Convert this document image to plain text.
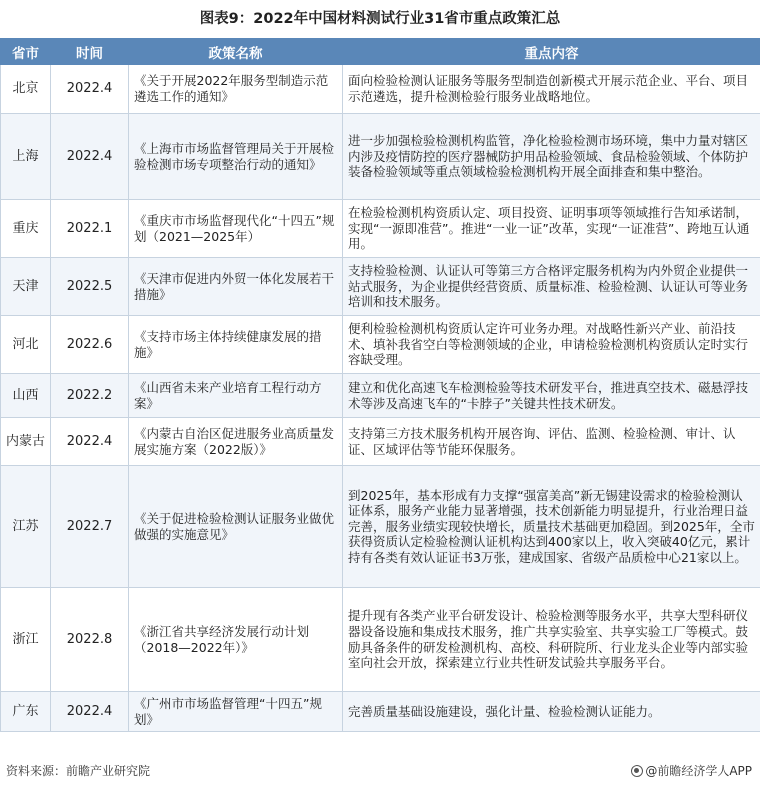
图表9：2022年中国材料测试行业31省市重点政策汇总
省市	时间	政策名称	重点内容
北京	2022.4	《关于开展2022年服务型制造示范遴选工作的通知》	面向检验检测认证服务等服务型制造创新模式开展示范企业、平台、项目示范遴选，提升检测检验行服务业战略地位。
上海	2022.4	《上海市市场监督管理局关于开展检验检测市场专项整治行动的通知》	进一步加强检验检测机构监管，净化检验检测市场环境，集中力量对辖区内涉及疫情防控的医疗器械防护用品检验领域、食品检验领域、个体防护装备检验领域等重点领域检验检测机构开展全面排查和集中整治。
重庆	2022.1	《重庆市市场监督现代化“十四五”规划（2021—2025年）	在检验检测机构资质认定、项目投资、证明事项等领域推行告知承诺制，实现“一源即准营”。推进“一业一证”改革，实现“一证准营”、跨地互认通用。
天津	2022.5	《天津市促进内外贸一体化发展若干措施》	支持检验检测、认证认可等第三方合格评定服务机构为内外贸企业提供一站式服务，为企业提供经营资质、质量标准、检验检测、认证认可等业务培训和技术服务。
河北	2022.6	《支持市场主体持续健康发展的措施》	便利检验检测机构资质认定许可业务办理。对战略性新兴产业、前沿技术、填补我省空白等检测领域的企业，申请检验检测机构资质认定时实行容缺受理。
山西	2022.2	《山西省未来产业培育工程行动方案》	建立和优化高速飞车检测检验等技术研发平台，推进真空技术、磁悬浮技术等涉及高速飞车的“卡脖子”关键共性技术研发。
内蒙古	2022.4	《内蒙古自治区促进服务业高质量发展实施方案（2022版）》	支持第三方技术服务机构开展咨询、评估、监测、检验检测、审计、认证、区域评估等节能环保服务。
江苏	2022.7	《关于促进检验检测认证服务业做优做强的实施意见》	到2025年，基本形成有力支撑“强富美高”新无锡建设需求的检验检测认证体系，服务产业能力显著增强，技术创新能力明显提升，行业治理日益完善，服务业绩实现较快增长，质量技术基础更加稳固。到2025年，全市获得资质认定检验检测认证机构达到400家以上，收入突破40亿元，累计持有各类有效认证证书3万张，建成国家、省级产品质检中心21家以上。
浙江	2022.8	《浙江省共享经济发展行动计划（2018—2022年）》	提升现有各类产业平台研发设计、检验检测等服务水平，共享大型科研仪器设备设施和集成技术服务，推广共享实验室、共享实验工厂等模式。鼓励具备条件的研发检测机构、高校、科研院所、行业龙头企业等内部实验室向社会开放，探索建立行业共性研发试验共享服务平台。
广东	2022.4	《广州市市场监督管理“十四五”规划》	完善质量基础设施建设，强化计量、检验检测认证能力。
资料来源：前瞻产业研究院	@前瞻经济学人APP
